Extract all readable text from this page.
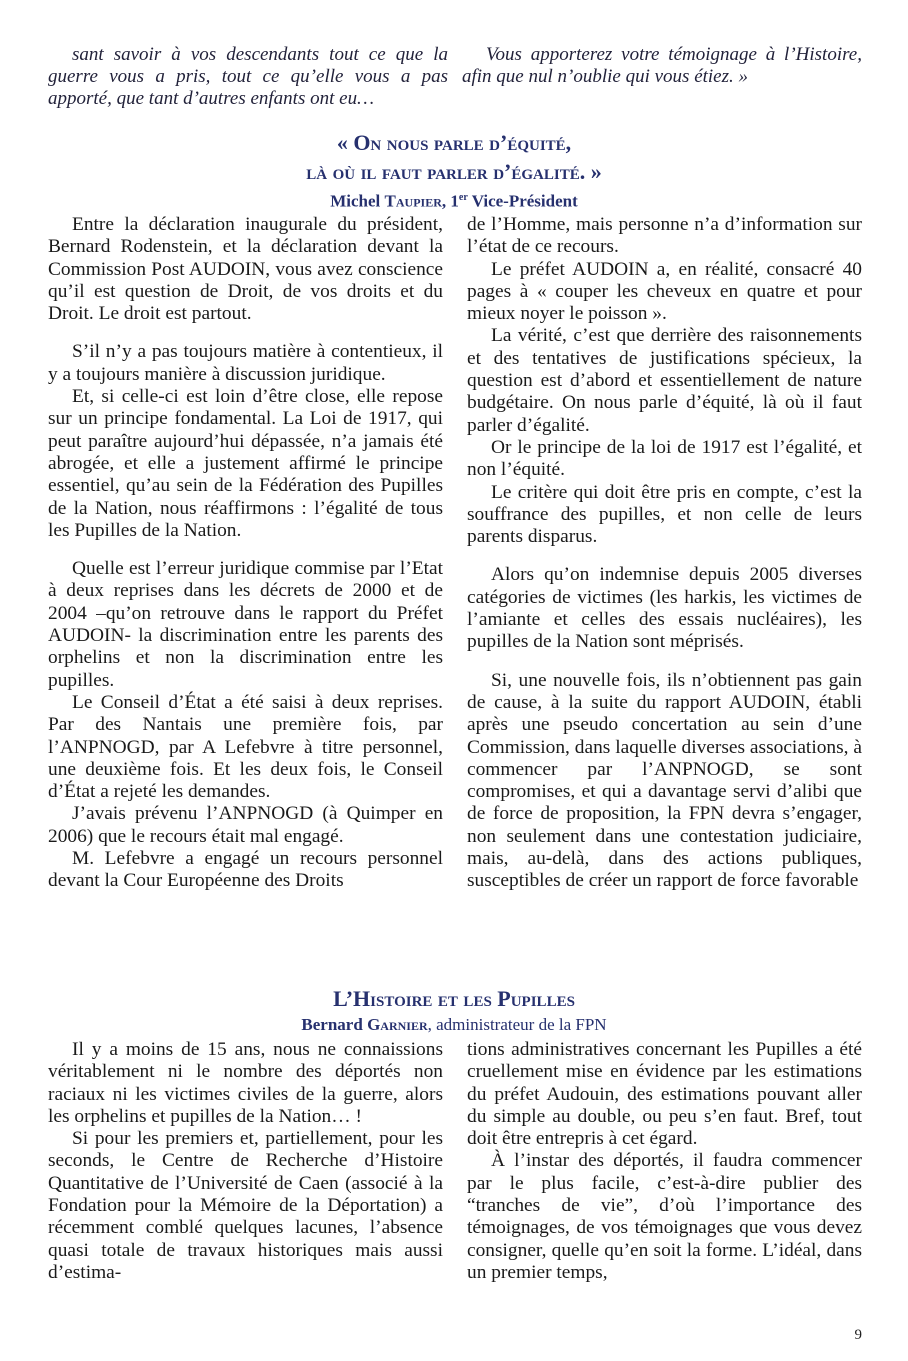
sant savoir à vos descendants tout ce que la guerre vous a pris, tout ce qu’elle vous a pas apporté, que tant d’autres enfants ont eu…

Vous apporterez votre témoignage à l’Histoire, afin que nul n’oublie qui vous étiez. »

« On nous parle d’équité,
là où il faut parler d’égalité. »
Michel Taupier, 1er Vice-Président

Entre la déclaration inaugurale du président, Bernard Rodenstein, et la déclaration devant la Commission Post AUDOIN, vous avez conscience qu’il est question de Droit, de vos droits et du Droit. Le droit est partout.

S’il n’y a pas toujours matière à contentieux, il y a toujours manière à discussion juridique.

Et, si celle-ci est loin d’être close, elle repose sur un principe fondamental. La Loi de 1917, qui peut paraître aujourd’hui dépassée, n’a jamais été abrogée, et elle a justement affirmé le principe essentiel, qu’au sein de la Fédération des Pupilles de la Nation, nous réaffirmons : l’égalité de tous les Pupilles de la Nation.

Quelle est l’erreur juridique commise par l’Etat à deux reprises dans les décrets de 2000 et de 2004 –qu’on retrouve dans le rapport du Préfet AUDOIN- la discrimination entre les parents des orphelins et non la discrimination entre les pupilles.

Le Conseil d’État a été saisi à deux reprises. Par des Nantais une première fois, par l’ANPNOGD, par A Lefebvre à titre personnel, une deuxième fois. Et les deux fois, le Conseil d’État a rejeté les demandes.

J’avais prévenu l’ANPNOGD (à Quimper en 2006) que le recours était mal engagé.

M. Lefebvre a engagé un recours personnel devant la Cour Européenne des Droits

de l’Homme, mais personne n’a d’information sur l’état de ce recours.

Le préfet AUDOIN a, en réalité, consacré 40 pages à « couper les cheveux en quatre et pour mieux noyer le poisson ».

La vérité, c’est que derrière des raisonnements et des tentatives de justifications spécieux, la question est d’abord et essentiellement de nature budgétaire. On nous parle d’équité, là où il faut parler d’égalité.

Or le principe de la loi de 1917 est l’égalité, et non l’équité.

Le critère qui doit être pris en compte, c’est la souffrance des pupilles, et non celle de leurs parents disparus.

Alors qu’on indemnise depuis 2005 diverses catégories de victimes (les harkis, les victimes de l’amiante et celles des essais nucléaires), les pupilles de la Nation sont méprisés.

Si, une nouvelle fois, ils n’obtiennent pas gain de cause, à la suite du rapport AUDOIN, établi après une pseudo concertation au sein d’une Commission, dans laquelle diverses associations, à commencer par l’ANPNOGD, se sont compromises, et qui a davantage servi d’alibi que de force de proposition, la FPN devra s’engager, non seulement dans une contestation judiciaire, mais, au-delà, dans des actions publiques, susceptibles de créer un rapport de force favorable

L’Histoire et les Pupilles
Bernard Garnier, administrateur de la FPN

Il y a moins de 15 ans, nous ne connaissions véritablement ni le nombre des déportés non raciaux ni les victimes civiles de la guerre, alors les orphelins et pupilles de la Nation… !

Si pour les premiers et, partiellement, pour les seconds, le Centre de Recherche d’Histoire Quantitative de l’Université de Caen (associé à la Fondation pour la Mémoire de la Déportation) a récemment comblé quelques lacunes, l’absence quasi totale de travaux historiques mais aussi d’estima-

tions administratives concernant les Pupilles a été cruellement mise en évidence par les estimations du préfet Audouin, des estimations pouvant aller du simple au double, ou peu s’en faut. Bref, tout doit être entrepris à cet égard.

À l’instar des déportés, il faudra commencer par le plus facile, c’est-à-dire publier des “tranches de vie”, d’où l’importance des témoignages, de vos témoignages que vous devez consigner, quelle qu’en soit la forme. L’idéal, dans un premier temps,

9
